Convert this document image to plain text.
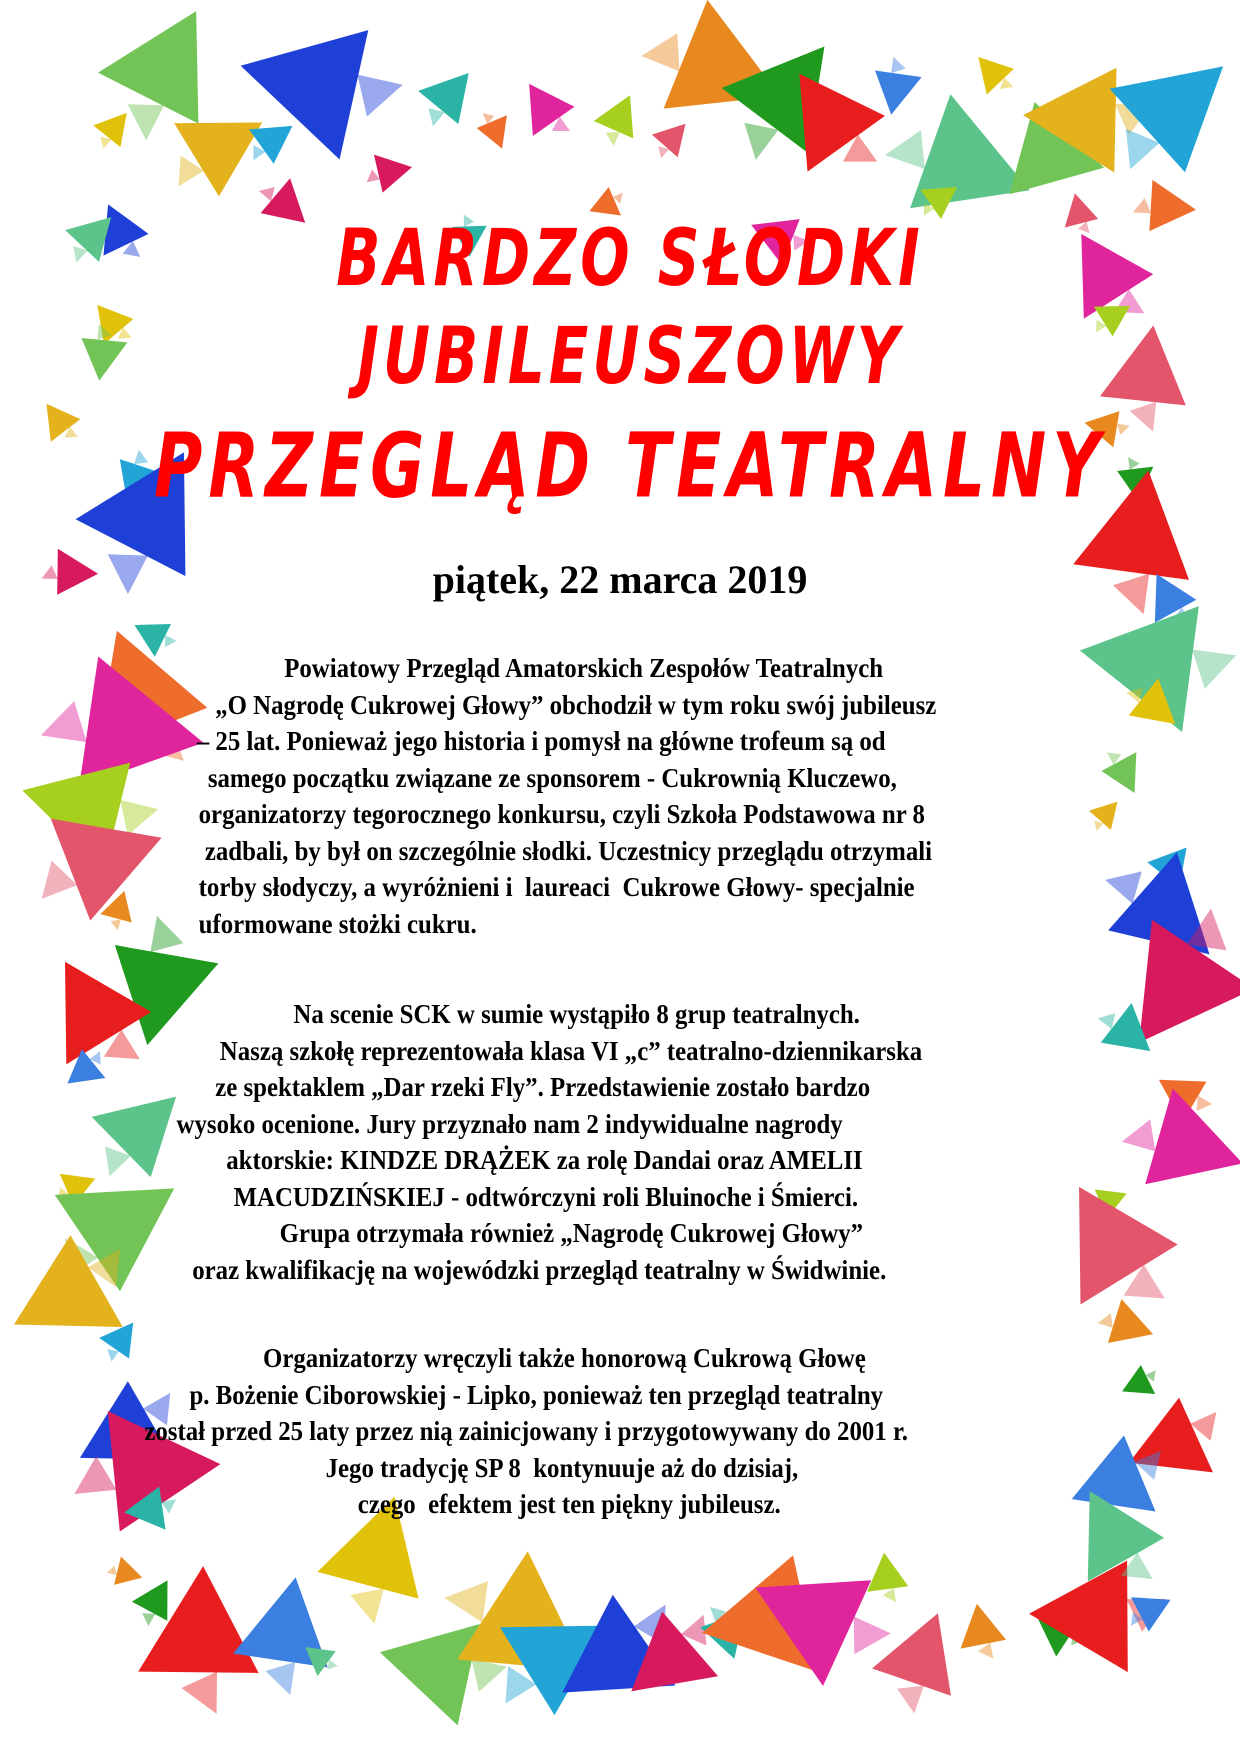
BARDZO SŁODKI
JUBILEUSZOWY
PRZEGLĄD TEATRALNY
piątek, 22 marca 2019
Powiatowy Przegląd Amatorskich Zespołów Teatralnych
„O Nagrodę Cukrowej Głowy” obchodził w tym roku swój jubileusz
– 25 lat. Ponieważ jego historia i pomysł na główne trofeum są od
samego początku związane ze sponsorem - Cukrownią Kluczewo,
organizatorzy tegorocznego konkursu, czyli Szkoła Podstawowa nr 8
zadbali, by był on szczególnie słodki. Uczestnicy przeglądu otrzymali
torby słodyczy, a wyróżnieni i  laureaci  Cukrowe Głowy- specjalnie
uformowane stożki cukru.
Na scenie SCK w sumie wystąpiło 8 grup teatralnych.
Naszą szkołę reprezentowała klasa VI „c” teatralno-dziennikarska
ze spektaklem „Dar rzeki Fly”. Przedstawienie zostało bardzo
wysoko ocenione. Jury przyznało nam 2 indywidualne nagrody
aktorskie: KINDZE DRĄŻEK za rolę Dandai oraz AMELII
MACUDZIŃSKIEJ - odtwórczyni roli Bluinoche i Śmierci.
Grupa otrzymała również „Nagrodę Cukrowej Głowy”
oraz kwalifikację na wojewódzki przegląd teatralny w Świdwinie.
Organizatorzy wręczyli także honorową Cukrową Głowę
p. Bożenie Ciborowskiej - Lipko, ponieważ ten przegląd teatralny
został przed 25 laty przez nią zainicjowany i przygotowywany do 2001 r.
Jego tradycję SP 8  kontynuuje aż do dzisiaj,
czego  efektem jest ten piękny jubileusz.
